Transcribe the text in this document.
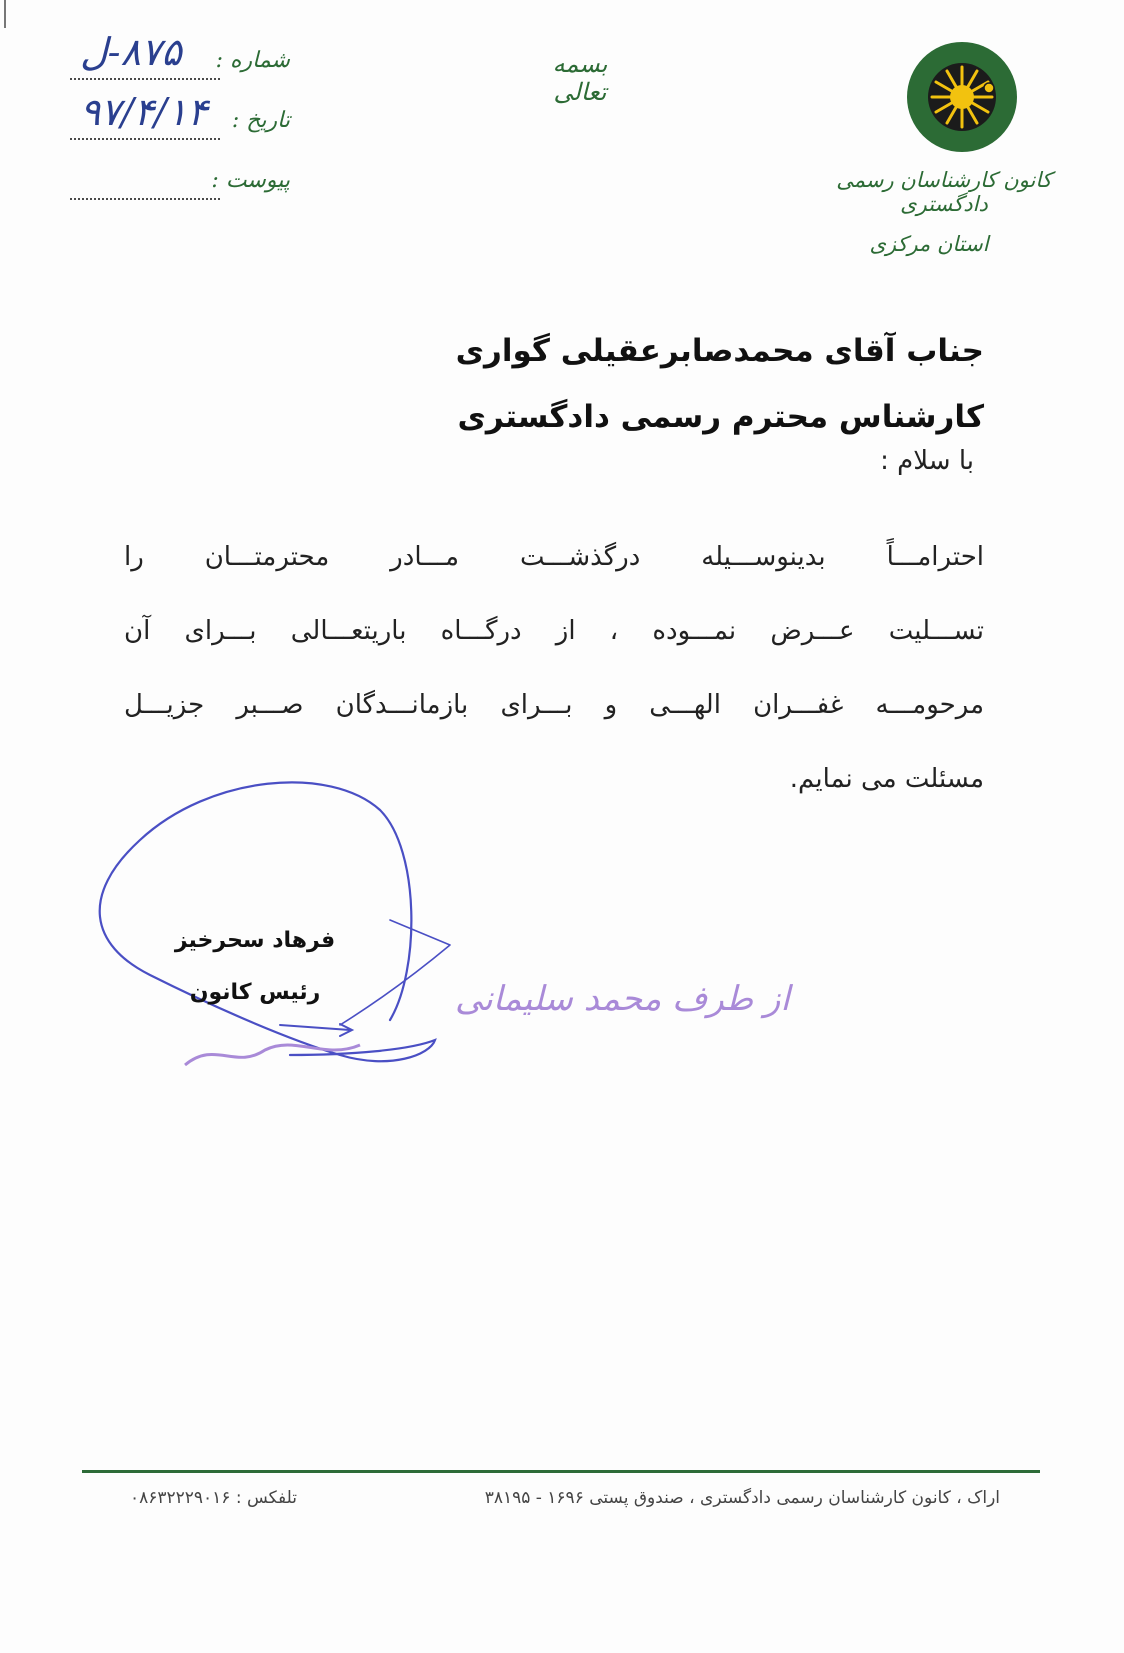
۸۷۵-ل شماره :
۹۷/۴/۱۴ تاریخ :
پیوست :
بسمه تعالی
کانون کارشناسان رسمی دادگستری
استان مرکزی
جناب آقای محمدصابرعقیلی گواری
کارشناس محترم رسمی دادگستری
با سلام :
احترامـــاً بدینوســـیله درگذشـــت مـــادر محترمتـــان را
تســـلیت عـــرض نمـــوده ، از درگـــاه باریتعـــالی بـــرای آن
مرحومـــه غفـــران الهـــی و بـــرای بازمانـــدگان صـــبر جزیـــل
مسئلت می نمایم.
از طرف محمد سلیمانی
فرهاد سحرخیز
رئیس کانون
اراک ، کانون کارشناسان رسمی دادگستری ، صندوق پستی ۱۶۹۶ - ۳۸۱۹۵
تلفکس : ۰۸۶۳۲۲۲۹۰۱۶
